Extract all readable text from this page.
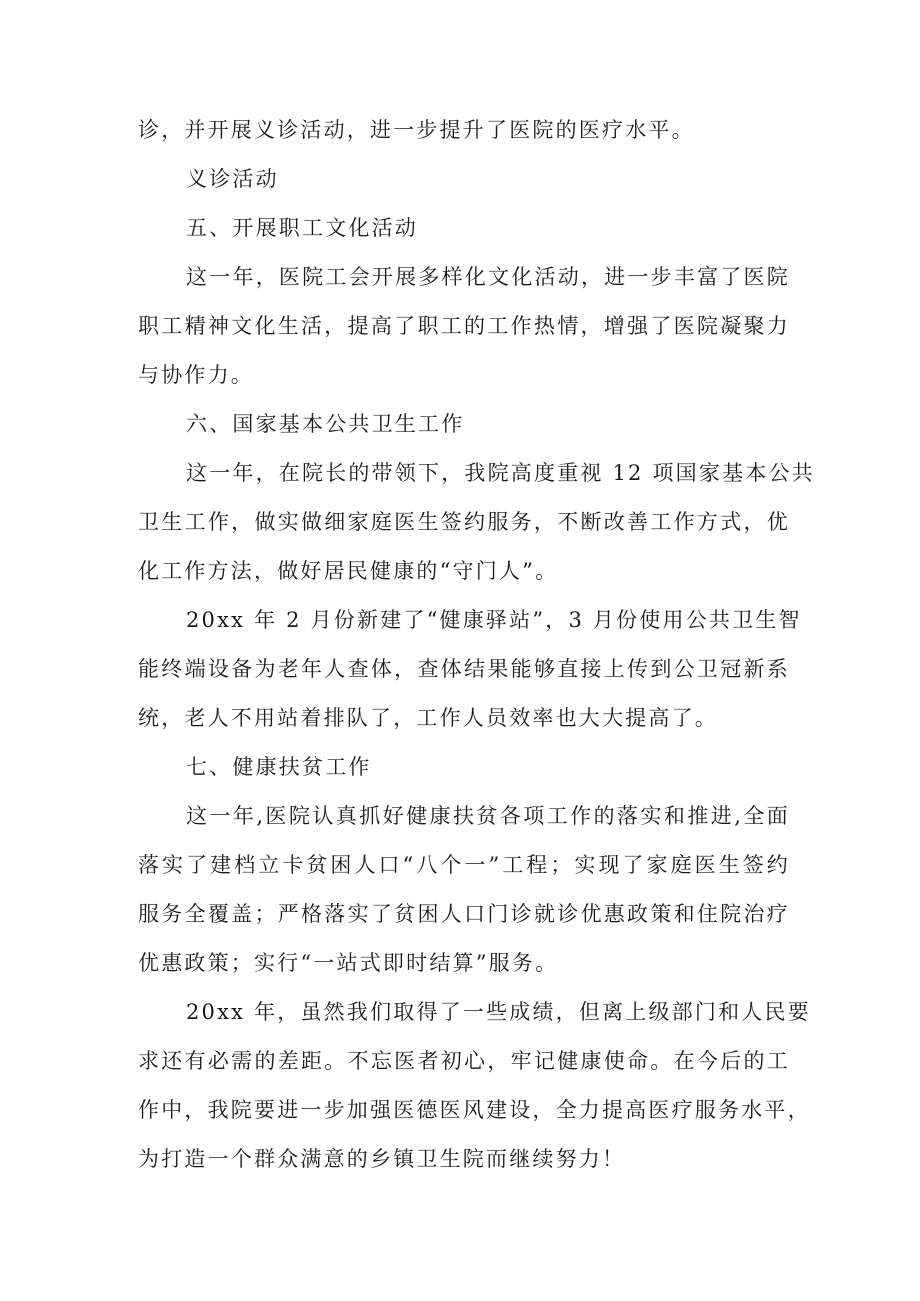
诊，并开展义诊活动，进一步提升了医院的医疗水平。
义诊活动
五、开展职工文化活动
这一年，医院工会开展多样化文化活动，进一步丰富了医院
职工精神文化生活，提高了职工的工作热情，增强了医院凝聚力
与协作力。
六、国家基本公共卫生工作
这一年，在院长的带领下，我院高度重视 12 项国家基本公共
卫生工作，做实做细家庭医生签约服务，不断改善工作方式，优
化工作方法，做好居民健康的“守门人”。
20xx 年 2 月份新建了“健康驿站”，3 月份使用公共卫生智
能终端设备为老年人查体，查体结果能够直接上传到公卫冠新系
统，老人不用站着排队了，工作人员效率也大大提高了。
七、健康扶贫工作
这一年,医院认真抓好健康扶贫各项工作的落实和推进,全面
落实了建档立卡贫困人口“八个一”工程；实现了家庭医生签约
服务全覆盖；严格落实了贫困人口门诊就诊优惠政策和住院治疗
优惠政策；实行“一站式即时结算”服务。
20xx 年，虽然我们取得了一些成绩，但离上级部门和人民要
求还有必需的差距。不忘医者初心，牢记健康使命。在今后的工
作中，我院要进一步加强医德医风建设，全力提高医疗服务水平，
为打造一个群众满意的乡镇卫生院而继续努力！
